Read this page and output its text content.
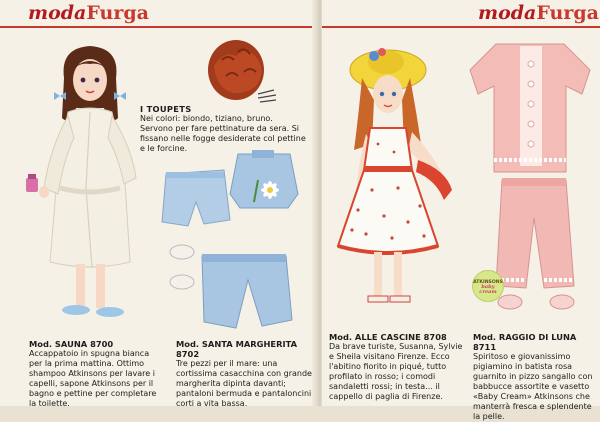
modaFurga
I TOUPETS
Nei colori: biondo, tiziano, bruno. Servono per fare pettinature da sera. Si fissano nelle fogge desiderate col pettine e le forcine.
Mod. SAUNA 8700
Accappatoio in spugna bianca per la prima mattina. Ottimo shampoo Atkinsons per lavare i capelli, sapone Atkinsons per il bagno e pettine per completare la toilette.
Mod. SANTA MARGHERITA 8702
Tre pezzi per il mare: una cortissima casacchina con grande margherita dipinta davanti; pantaloni bermuda e pantaloncini corti a vita bassa.
modaFurga
ATKINSONS
baby cream
Mod. ALLE CASCINE 8708
Da brave turiste, Susanna, Sylvie e Sheila visitano Firenze. Ecco l'abitino fiorito in piqué, tutto profilato in rosso; i comodi sandaletti rossi; in testa... il cappello di paglia di Firenze.
Mod. RAGGIO DI LUNA 8711
Spiritoso e giovanissimo pigiamino in batista rosa guarnito in pizzo sangallo con babbucce assortite e vasetto «Baby Cream» Atkinsons che manterrà fresca e splendente la pelle.
